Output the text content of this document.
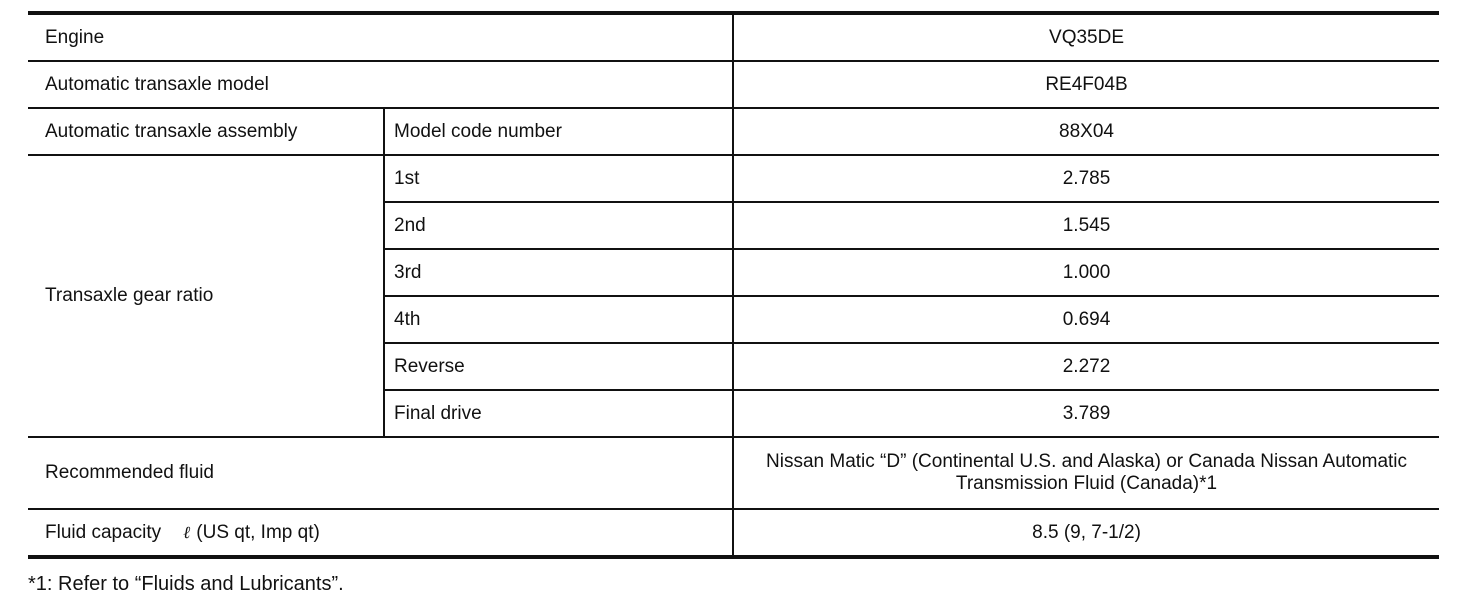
Engine		VQ35DE
Automatic transaxle model		RE4F04B
Automatic transaxle assembly	Model code number	88X04
Transaxle gear ratio	1st	2.785
	2nd	1.545
	3rd	1.000
	4th	0.694
	Reverse	2.272
	Final drive	3.789
Recommended fluid		Nissan Matic “D” (Continental U.S. and Alaska) or Canada Nissan Automatic Transmission Fluid (Canada)*1
Fluid capacity ℓ (US qt, Imp qt)		8.5 (9, 7-1/2)
*1: Refer to “Fluids and Lubricants”.
